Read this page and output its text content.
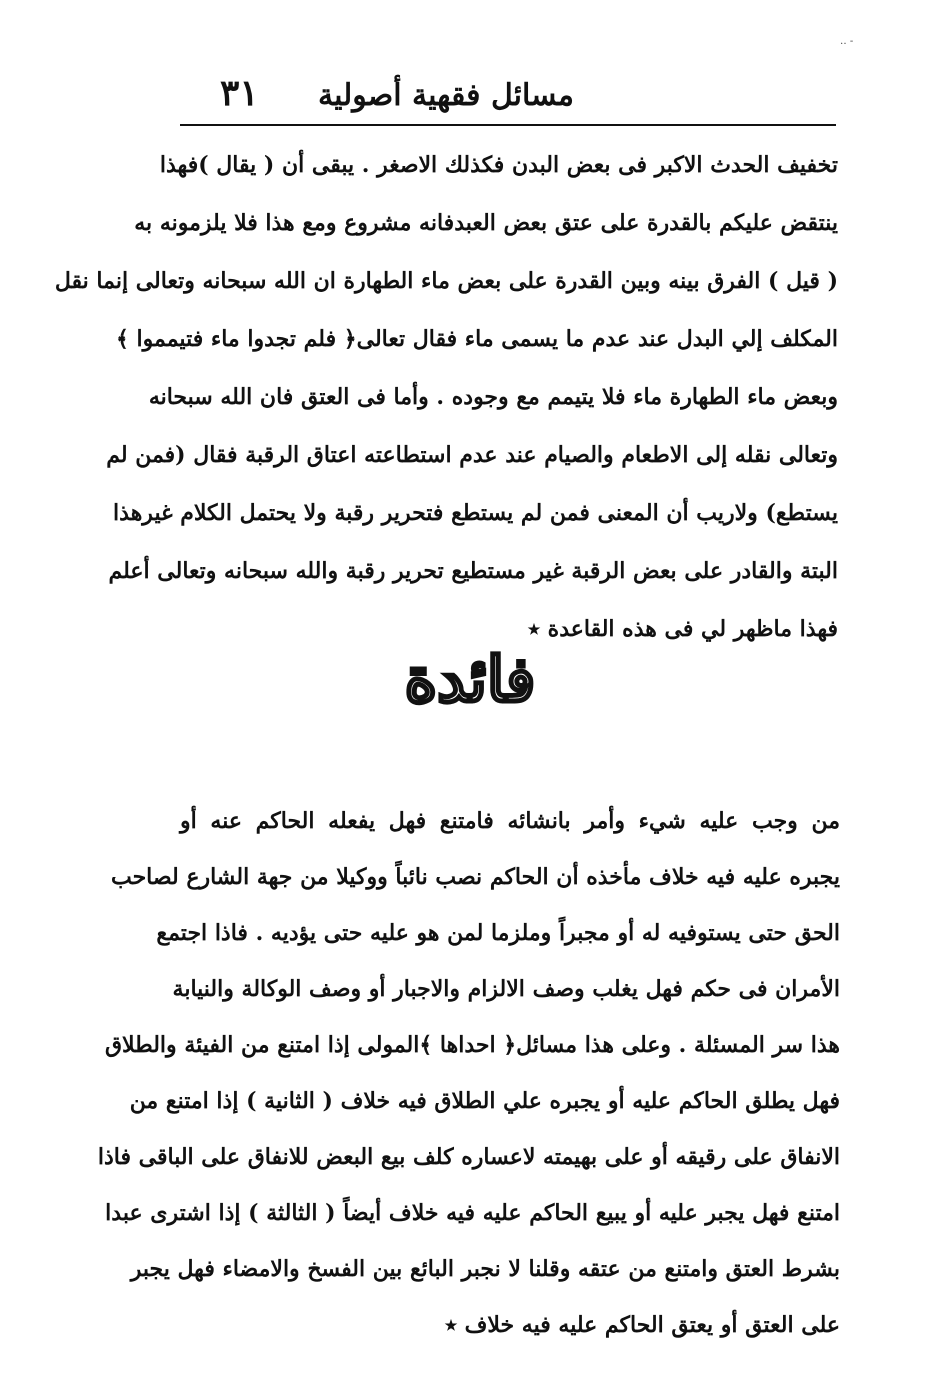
‥ ‐
مسائل فقهية أصولية
٣١
تخفيف الحدث الاكبر فى بعض البدن فكذلك الاصغر . يبقى أن ( يقال )فهذا
ينتقض عليكم بالقدرة على عتق بعض العبدفانه مشروع ومع هذا فلا يلزمونه به
( قيل ) الفرق بينه وبين القدرة على بعض ماء الطهارة ان الله سبحانه وتعالى إنما نقل
المكلف إلي البدل عند عدم ما يسمى ماء فقال تعالى﴿ فلم تجدوا ماء فتيمموا ﴾
وبعض ماء الطهارة ماء فلا يتيمم مع وجوده . وأما فى العتق فان الله سبحانه
وتعالى نقله إلى الاطعام والصيام عند عدم استطاعته اعتاق الرقبة فقال (فمن لم
يستطع) ولاريب أن المعنى فمن لم يستطع فتحرير رقبة ولا يحتمل الكلام غيرهذا
البتة والقادر على بعض الرقبة غير مستطيع تحرير رقبة والله سبحانه وتعالى أعلم
فهذا ماظهر لي فى هذه القاعدة ٭
فائدة
من وجب عليه شيء وأمر بانشائه فامتنع فهل يفعله الحاكم عنه أو
يجبره عليه فيه خلاف مأخذه أن الحاكم نصب نائباً ووكيلا من جهة الشارع لصاحب
الحق حتى يستوفيه له أو مجبراً وملزما لمن هو عليه حتى يؤديه . فاذا اجتمع
الأمران فى حكم فهل يغلب وصف الالزام والاجبار أو وصف الوكالة والنيابة
هذا سر المسئلة . وعلى هذا مسائل﴿ احداها ﴾المولى إذا امتنع من الفيئة والطلاق
فهل يطلق الحاكم عليه أو يجبره علي الطلاق فيه خلاف ( الثانية ) إذا امتنع من
الانفاق على رقيقه أو على بهيمته لاعساره كلف بيع البعض للانفاق على الباقى فاذا
امتنع فهل يجبر عليه أو يبيع الحاكم عليه فيه خلاف أيضاً ( الثالثة ) إذا اشترى عبدا
بشرط العتق وامتنع من عتقه وقلنا لا نجبر البائع بين الفسخ والامضاء فهل يجبر
على العتق أو يعتق الحاكم عليه فيه خلاف ٭
